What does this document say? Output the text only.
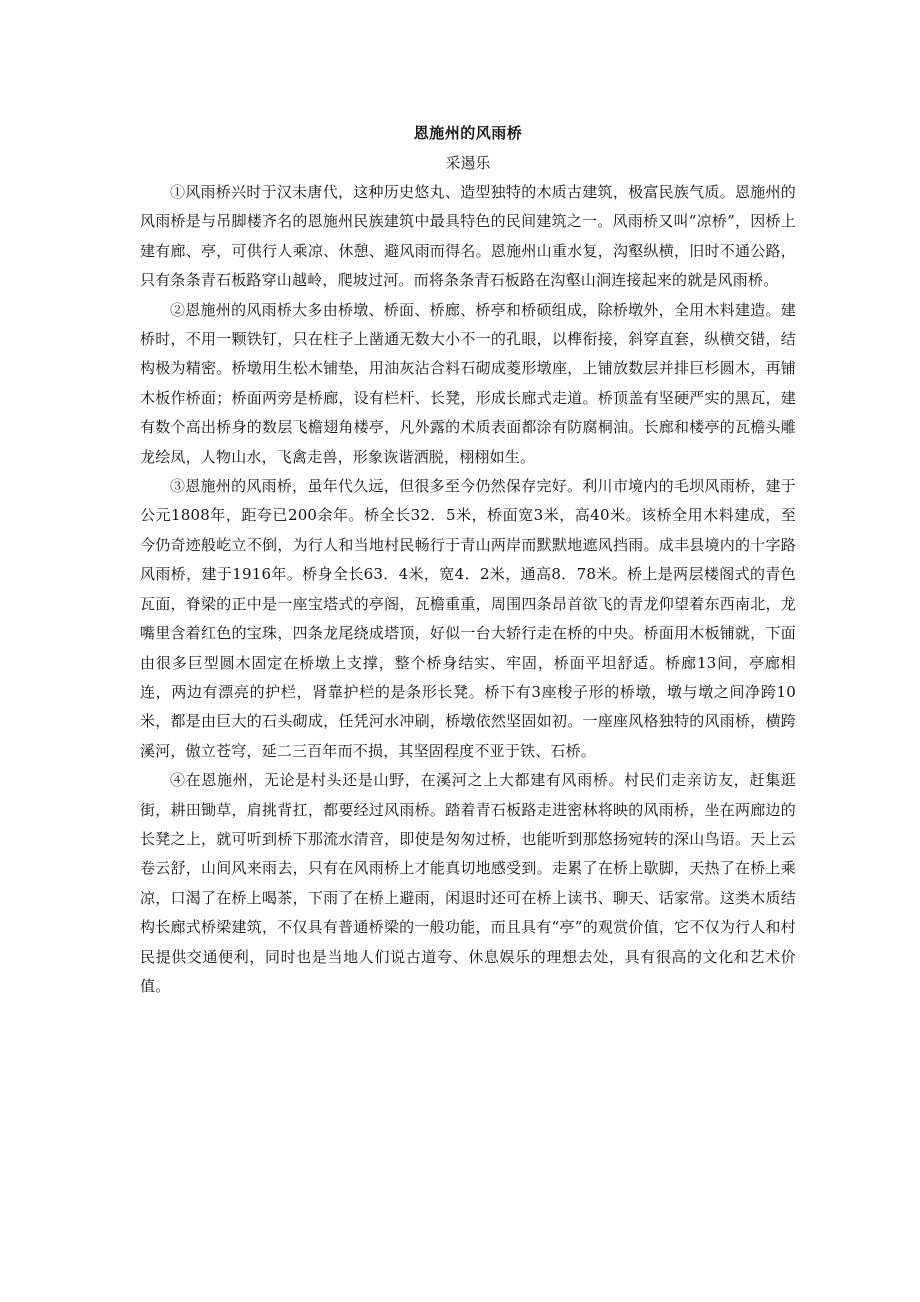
恩施州的风雨桥

采遏乐

①风雨桥兴时于汉未唐代，这种历史悠丸、造型独特的木质古建筑，极富民族气质。恩施州的风雨桥是与吊脚楼齐名的恩施州民族建筑中最具特色的民间建筑之一。风雨桥又叫“凉桥”，因桥上建有廊、亭，可供行人乘凉、休憩、避风雨而得名。恩施州山重水复，沟壑纵横，旧时不通公路，只有条条青石板路穿山越岭，爬坡过河。而将条条青石板路在沟壑山涧连接起来的就是风雨桥。

②恩施州的风雨桥大多由桥墩、桥面、桥廊、桥亭和桥硕组成，除桥墩外，全用木料建造。建桥时，不用一颗铁钉，只在柱子上凿通无数大小不一的孔眼，以榫衔接，斜穿直套，纵横交错，结构极为精密。桥墩用生松木铺垫，用油灰沾合料石砌成菱形墩座，上铺放数层并排巨杉圆木，再铺木板作桥面；桥面两旁是桥廊，设有栏杆、长凳，形成长廊式走道。桥顶盖有坚硬严实的黑瓦，建有数个高出桥身的数层飞檐翅角楼亭，凡外露的术质表面都涂有防腐桐油。长廊和楼亭的瓦檐头雕龙绘凤，人物山水，飞禽走兽，形象诙谐洒脱，栩栩如生。

③恩施州的风雨桥，虽年代久远，但很多至今仍然保存完好。利川市境内的毛坝风雨桥，建于公元1808年，距夸已200余年。桥全长32．5米，桥面宽3米，高40米。该桥全用木料建成，至今仍奇迹般屹立不倒，为行人和当地村民畅行于青山两岸而默默地遮风挡雨。成丰县境内的十字路风雨桥，建于1916年。桥身全长63．4米，宽4．2米，通高8．78米。桥上是两层楼阁式的青色瓦面，脊梁的正中是一座宝塔式的亭阁，瓦檐重重，周围四条昂首欲飞的青龙仰望着东西南北，龙嘴里含着红色的宝珠，四条龙尾绕成塔顶，好似一台大轿行走在桥的中央。桥面用木板铺就，下面由很多巨型圆木固定在桥墩上支撑，整个桥身结实、牢固，桥面平坦舒适。桥廊13间，亭廊相连，两边有漂亮的护栏，肾靠护栏的是条形长凳。桥下有3座梭子形的桥墩，墩与墩之间净跨10米，都是由巨大的石头砌成，任凭河水冲刷，桥墩依然坚固如初。一座座风格独特的风雨桥，横跨溪河，傲立苍穹，延二三百年而不损，其坚固程度不亚于铁、石桥。

④在恩施州，无论是村头还是山野，在溪河之上大都建有风雨桥。村民们走亲访友，赶集逛街，耕田锄草，肩挑背扛，都要经过风雨桥。踏着青石板路走进密林将映的风雨桥，坐在两廊边的长凳之上，就可听到桥下那流水清音，即使是匆匆过桥，也能听到那悠扬宛转的深山鸟语。天上云卷云舒，山间风来雨去，只有在风雨桥上才能真切地感受到。走累了在桥上歇脚，天热了在桥上乘凉，口渴了在桥上喝茶，下雨了在桥上避雨，闲退时还可在桥上读书、聊天、话家常。这类木质结构长廊式桥梁建筑，不仅具有普通桥梁的一般功能，而且具有“亭”的观赏价值，它不仅为行人和村民提供交通便利，同时也是当地人们说古道夸、休息娱乐的理想去处，具有很高的文化和艺术价值。
